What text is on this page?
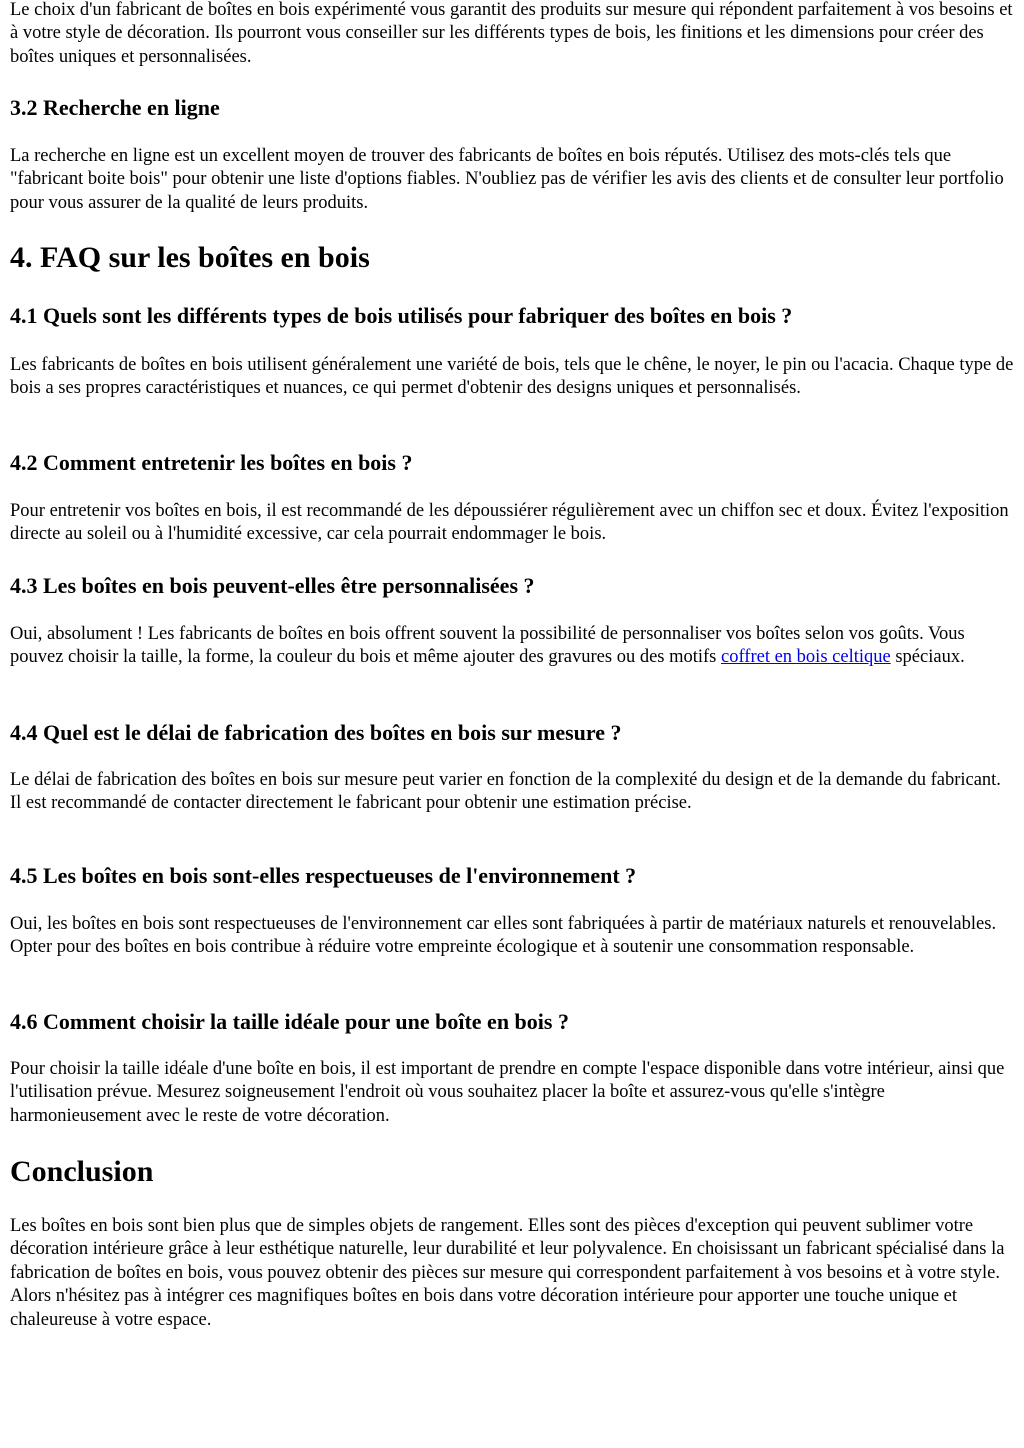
Le choix d'un fabricant de boîtes en bois expérimenté vous garantit des produits sur mesure qui répondent parfaitement à vos besoins et à votre style de décoration. Ils pourront vous conseiller sur les différents types de bois, les finitions et les dimensions pour créer des boîtes uniques et personnalisées.

3.2 Recherche en ligne

La recherche en ligne est un excellent moyen de trouver des fabricants de boîtes en bois réputés. Utilisez des mots-clés tels que "fabricant boite bois" pour obtenir une liste d'options fiables. N'oubliez pas de vérifier les avis des clients et de consulter leur portfolio pour vous assurer de la qualité de leurs produits.

4. FAQ sur les boîtes en bois
4.1 Quels sont les différents types de bois utilisés pour fabriquer des boîtes en bois ?

Les fabricants de boîtes en bois utilisent généralement une variété de bois, tels que le chêne, le noyer, le pin ou l'acacia. Chaque type de bois a ses propres caractéristiques et nuances, ce qui permet d'obtenir des designs uniques et personnalisés.

4.2 Comment entretenir les boîtes en bois ?

Pour entretenir vos boîtes en bois, il est recommandé de les dépoussiérer régulièrement avec un chiffon sec et doux. Évitez l'exposition directe au soleil ou à l'humidité excessive, car cela pourrait endommager le bois.

4.3 Les boîtes en bois peuvent-elles être personnalisées ?

Oui, absolument ! Les fabricants de boîtes en bois offrent souvent la possibilité de personnaliser vos boîtes selon vos goûts. Vous pouvez choisir la taille, la forme, la couleur du bois et même ajouter des gravures ou des motifs coffret en bois celtique spéciaux.

4.4 Quel est le délai de fabrication des boîtes en bois sur mesure ?

Le délai de fabrication des boîtes en bois sur mesure peut varier en fonction de la complexité du design et de la demande du fabricant. Il est recommandé de contacter directement le fabricant pour obtenir une estimation précise.

4.5 Les boîtes en bois sont-elles respectueuses de l'environnement ?

Oui, les boîtes en bois sont respectueuses de l'environnement car elles sont fabriquées à partir de matériaux naturels et renouvelables. Opter pour des boîtes en bois contribue à réduire votre empreinte écologique et à soutenir une consommation responsable.

4.6 Comment choisir la taille idéale pour une boîte en bois ?

Pour choisir la taille idéale d'une boîte en bois, il est important de prendre en compte l'espace disponible dans votre intérieur, ainsi que l'utilisation prévue. Mesurez soigneusement l'endroit où vous souhaitez placer la boîte et assurez-vous qu'elle s'intègre harmonieusement avec le reste de votre décoration.

Conclusion

Les boîtes en bois sont bien plus que de simples objets de rangement. Elles sont des pièces d'exception qui peuvent sublimer votre décoration intérieure grâce à leur esthétique naturelle, leur durabilité et leur polyvalence. En choisissant un fabricant spécialisé dans la fabrication de boîtes en bois, vous pouvez obtenir des pièces sur mesure qui correspondent parfaitement à vos besoins et à votre style. Alors n'hésitez pas à intégrer ces magnifiques boîtes en bois dans votre décoration intérieure pour apporter une touche unique et chaleureuse à votre espace.
